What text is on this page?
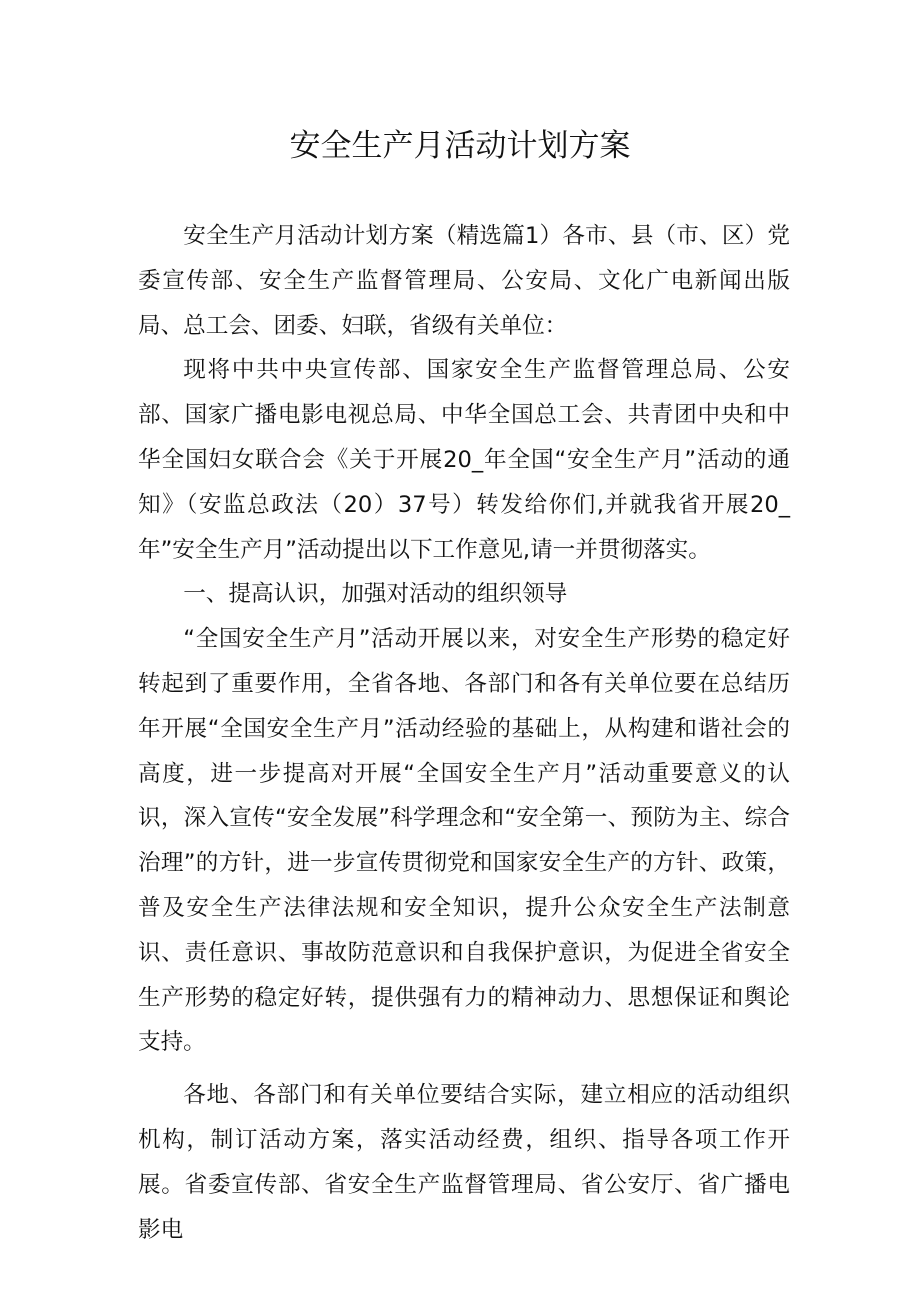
安全生产月活动计划方案

安全生产月活动计划方案（精选篇1）各市、县（市、区）党委宣传部、安全生产监督管理局、公安局、文化广电新闻出版局、总工会、团委、妇联，省级有关单位：

现将中共中央宣传部、国家安全生产监督管理总局、公安部、国家广播电影电视总局、中华全国总工会、共青团中央和中华全国妇女联合会《关于开展20_年全国“安全生产月”活动的通知》（安监总政法（20）37号）转发给你们,并就我省开展20_年”安全生产月”活动提出以下工作意见,请一并贯彻落实。

一、提高认识，加强对活动的组织领导

“全国安全生产月”活动开展以来，对安全生产形势的稳定好转起到了重要作用，全省各地、各部门和各有关单位要在总结历年开展“全国安全生产月”活动经验的基础上，从构建和谐社会的高度，进一步提高对开展“全国安全生产月”活动重要意义的认识，深入宣传“安全发展”科学理念和“安全第一、预防为主、综合治理”的方针，进一步宣传贯彻党和国家安全生产的方针、政策，普及安全生产法律法规和安全知识，提升公众安全生产法制意识、责任意识、事故防范意识和自我保护意识，为促进全省安全生产形势的稳定好转，提供强有力的精神动力、思想保证和舆论支持。

各地、各部门和有关单位要结合实际，建立相应的活动组织机构，制订活动方案，落实活动经费，组织、指导各项工作开展。省委宣传部、省安全生产监督管理局、省公安厅、省广播电影电
